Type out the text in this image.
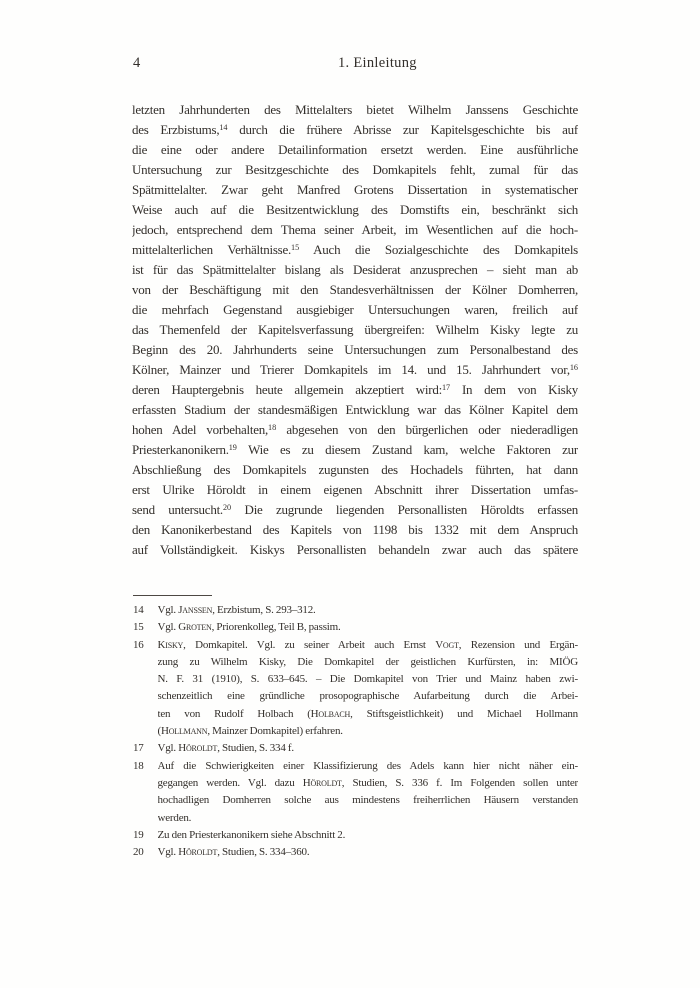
4	1. Einleitung
letzten Jahrhunderten des Mittelalters bietet Wilhelm Janssens Geschichte
des Erzbistums,$^{14}$ durch die frühere Abrisse zur Kapitelsgeschichte bis auf
die eine oder andere Detailinformation ersetzt werden. Eine ausführliche
Untersuchung zur Besitzgeschichte des Domkapitels fehlt, zumal für das
Spätmittelalter. Zwar geht Manfred Grotens Dissertation in systematischer
Weise auch auf die Besitzentwicklung des Domstifts ein, beschränkt sich
jedoch, entsprechend dem Thema seiner Arbeit, im Wesentlichen auf die hoch-
mittelalterlichen Verhältnisse.$^{15}$ Auch die Sozialgeschichte des Domkapitels
ist für das Spätmittelalter bislang als Desiderat anzusprechen – sieht man ab
von der Beschäftigung mit den Standesverhältnissen der Kölner Domherren,
die mehrfach Gegenstand ausgiebiger Untersuchungen waren, freilich auf
das Themenfeld der Kapitelsverfassung übergreifen: Wilhelm Kisky legte zu
Beginn des 20. Jahrhunderts seine Untersuchungen zum Personalbestand des
Kölner, Mainzer und Trierer Domkapitels im 14. und 15. Jahrhundert vor,$^{16}$
deren Hauptergebnis heute allgemein akzeptiert wird:$^{17}$ In dem von Kisky
erfassten Stadium der standesmäßigen Entwicklung war das Kölner Kapitel dem
hohen Adel vorbehalten,$^{18}$ abgesehen von den bürgerlichen oder niederadligen
Priesterkanonikern.$^{19}$ Wie es zu diesem Zustand kam, welche Faktoren zur
Abschließung des Domkapitels zugunsten des Hochadels führten, hat dann
erst Ulrike Höroldt in einem eigenen Abschnitt ihrer Dissertation umfas-
send untersucht.$^{20}$ Die zugrunde liegenden Personallisten Höroldts erfassen
den Kanonikerbestand des Kapitels von 1198 bis 1332 mit dem Anspruch
auf Vollständigkeit. Kiskys Personallisten behandeln zwar auch das spätere
14	Vgl. Janssen, Erzbistum, S. 293–312.
15	Vgl. Groten, Priorenkolleg, Teil B, passim.
16	Kisky, Domkapitel. Vgl. zu seiner Arbeit auch Ernst Vogt, Rezension und Ergän-
zung zu Wilhelm Kisky, Die Domkapitel der geistlichen Kurfürsten, in: MIÖG
N. F. 31 (1910), S. 633–645. – Die Domkapitel von Trier und Mainz haben zwi-
schenzeitlich eine gründliche prosopographische Aufarbeitung durch die Arbei-
ten von Rudolf Holbach (Holbach, Stiftsgeistlichkeit) und Michael Hollmann
(Hollmann, Mainzer Domkapitel) erfahren.
17	Vgl. Höroldt, Studien, S. 334 f.
18	Auf die Schwierigkeiten einer Klassifizierung des Adels kann hier nicht näher ein-
gegangen werden. Vgl. dazu Höroldt, Studien, S. 336 f. Im Folgenden sollen unter
hochadligen Domherren solche aus mindestens freiherrlichen Häusern verstanden
werden.
19	Zu den Priesterkanonikern siehe Abschnitt 2.
20	Vgl. Höroldt, Studien, S. 334–360.
